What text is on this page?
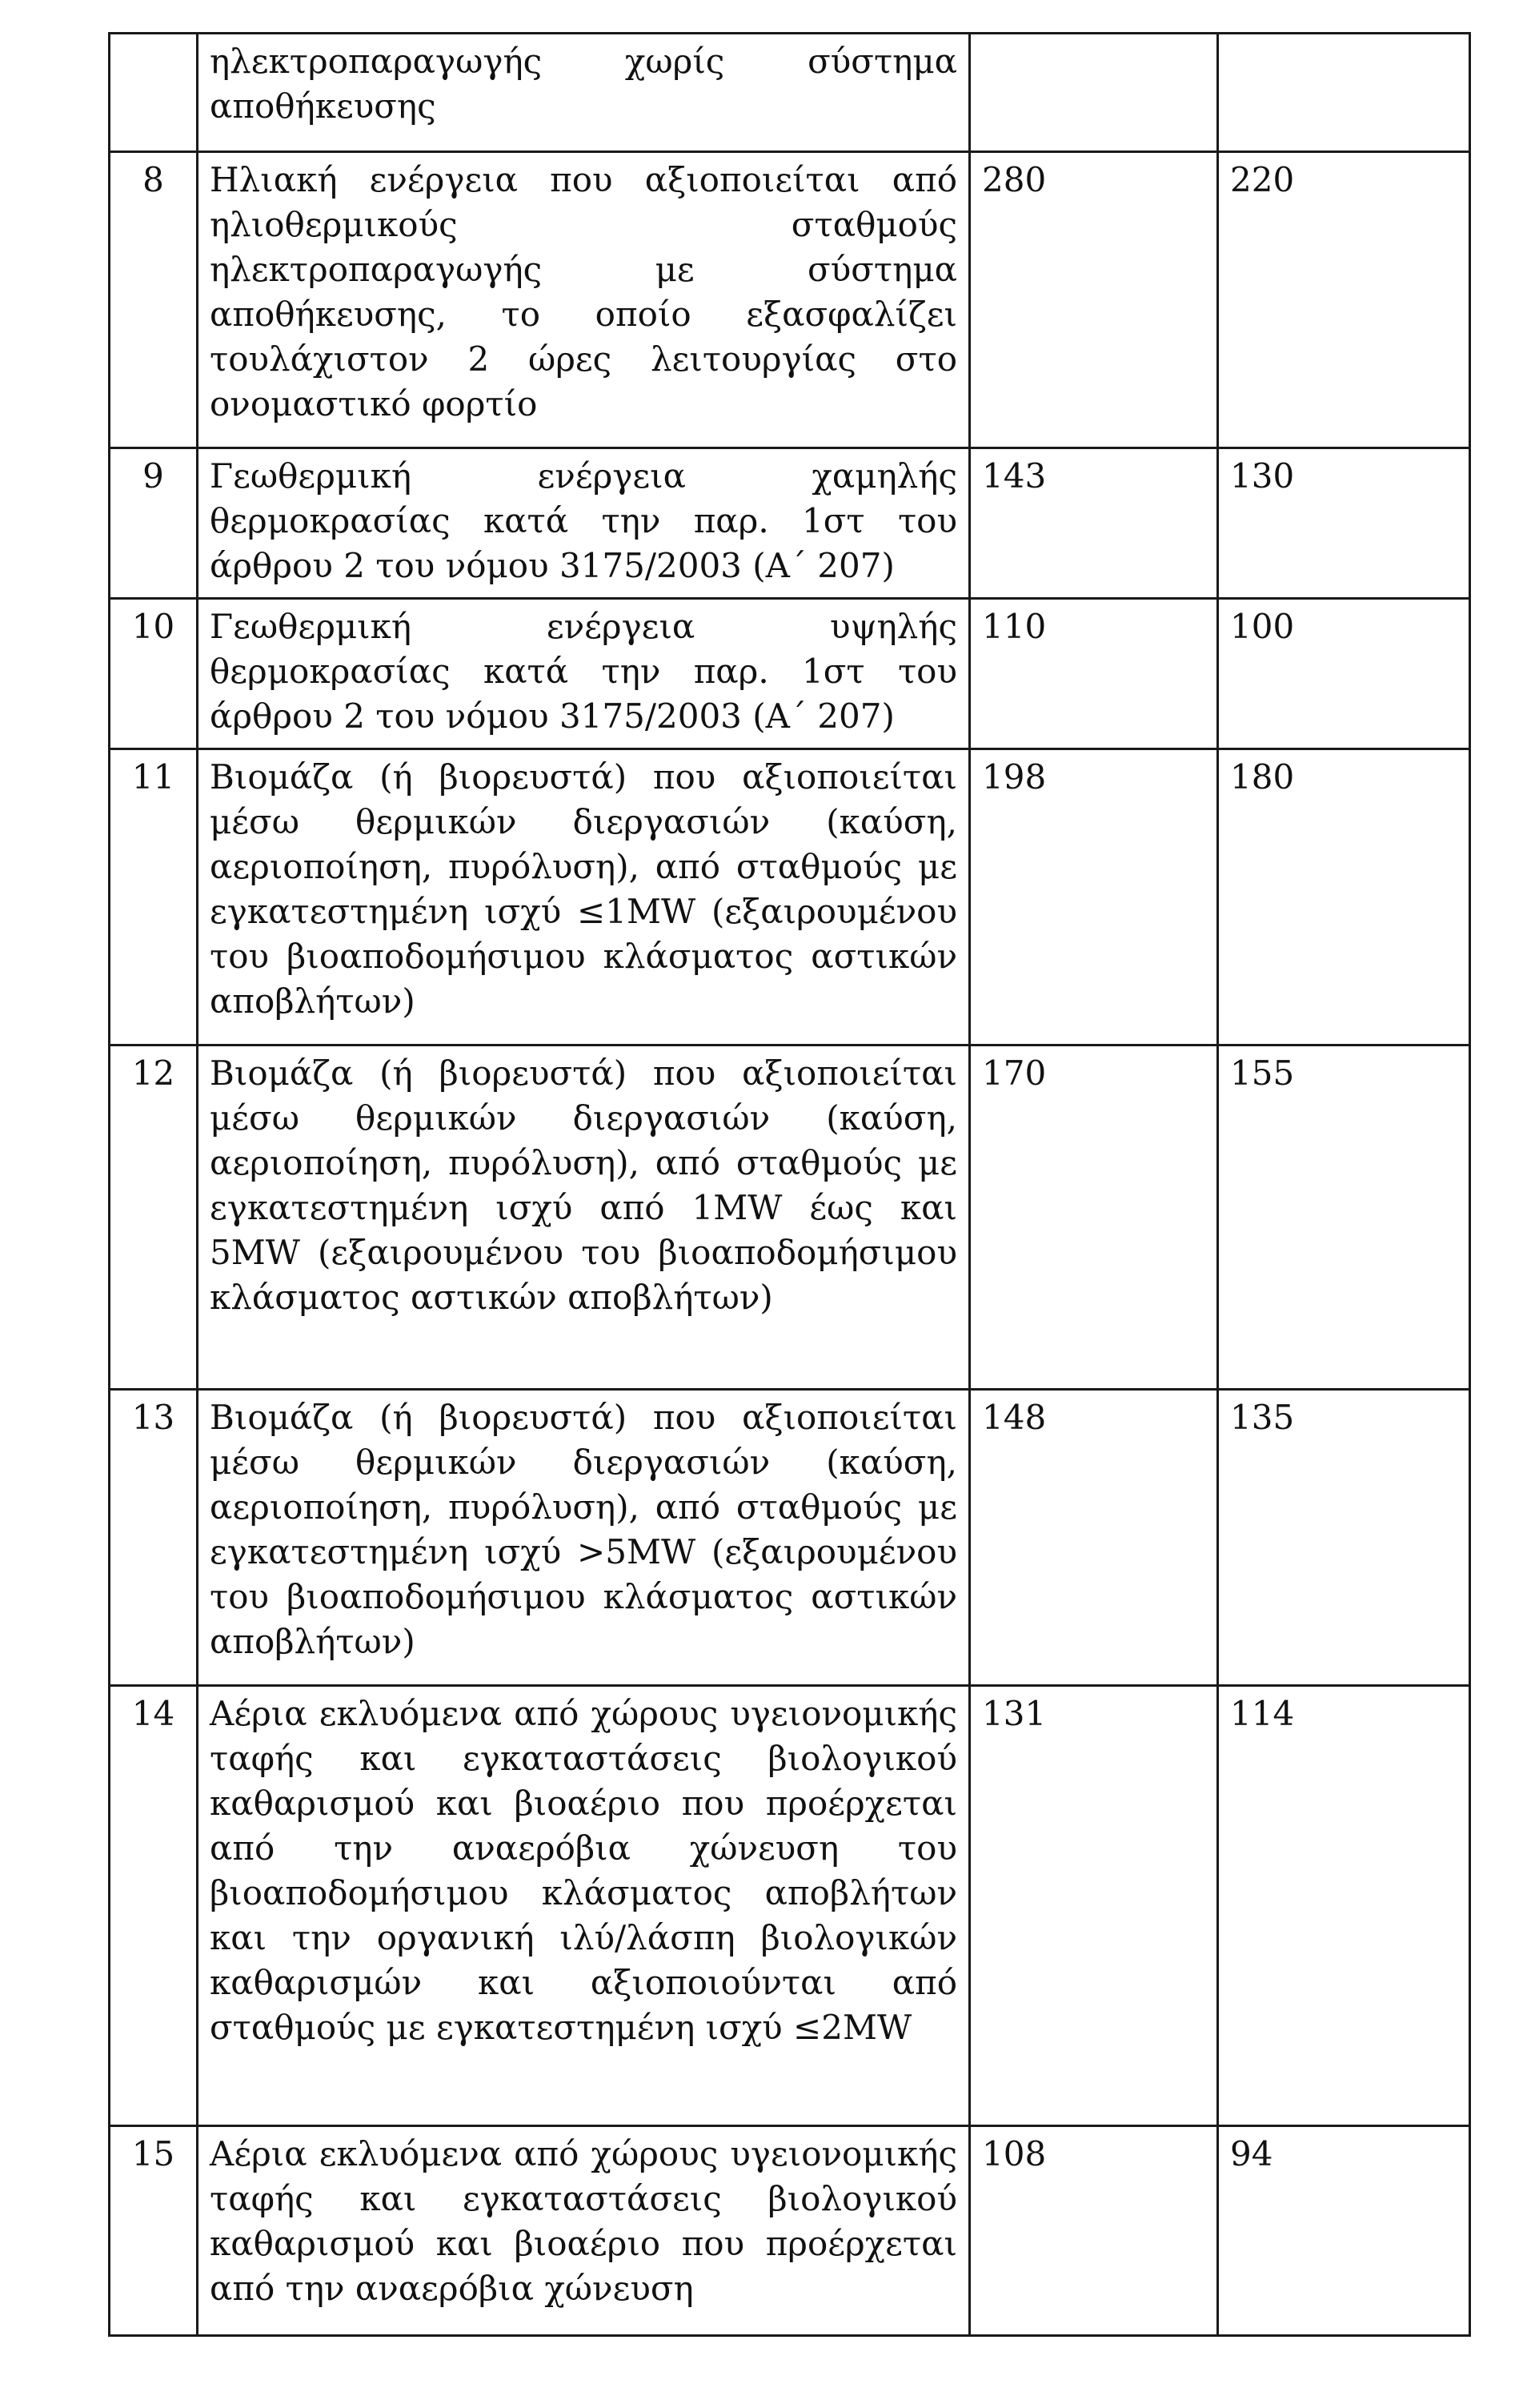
	ηλεκτροπαραγωγής χωρίς σύστημα αποθήκευσης		
8	Ηλιακή ενέργεια που αξιοποιείται από ηλιοθερμικούς σταθμούς ηλεκτροπαραγωγής με σύστημα αποθήκευσης, το οποίο εξασφαλίζει τουλάχιστον 2 ώρες λειτουργίας στο ονομαστικό φορτίο	280	220
9	Γεωθερμική ενέργεια χαμηλής θερμοκρασίας κατά την παρ. 1στ του άρθρου 2 του νόμου 3175/2003 (Α΄ 207)	143	130
10	Γεωθερμική ενέργεια υψηλής θερμοκρασίας κατά την παρ. 1στ του άρθρου 2 του νόμου 3175/2003 (Α΄ 207)	110	100
11	Βιομάζα (ή βιορευστά) που αξιοποιείται μέσω θερμικών διεργασιών (καύση, αεριοποίηση, πυρόλυση), από σταθμούς με εγκατεστημένη ισχύ ≤1MW (εξαιρουμένου του βιοαποδομήσιμου κλάσματος αστικών αποβλήτων)	198	180
12	Βιομάζα (ή βιορευστά) που αξιοποιείται μέσω θερμικών διεργασιών (καύση, αεριοποίηση, πυρόλυση), από σταθμούς με εγκατεστημένη ισχύ από 1MW έως και 5MW (εξαιρουμένου του βιοαποδομήσιμου κλάσματος αστικών αποβλήτων)	170	155
13	Βιομάζα (ή βιορευστά) που αξιοποιείται μέσω θερμικών διεργασιών (καύση, αεριοποίηση, πυρόλυση), από σταθμούς με εγκατεστημένη ισχύ >5MW (εξαιρουμένου του βιοαποδομήσιμου κλάσματος αστικών αποβλήτων)	148	135
14	Αέρια εκλυόμενα από χώρους υγειονομικής ταφής και εγκαταστάσεις βιολογικού καθαρισμού και βιοαέριο που προέρχεται από την αναερόβια χώνευση του βιοαποδομήσιμου κλάσματος αποβλήτων και την οργανική ιλύ/λάσπη βιολογικών καθαρισμών και αξιοποιούνται από σταθμούς με εγκατεστημένη ισχύ ≤2MW	131	114
15	Αέρια εκλυόμενα από χώρους υγειονομικής ταφής και εγκαταστάσεις βιολογικού καθαρισμού και βιοαέριο που προέρχεται από την αναερόβια χώνευση	108	94
